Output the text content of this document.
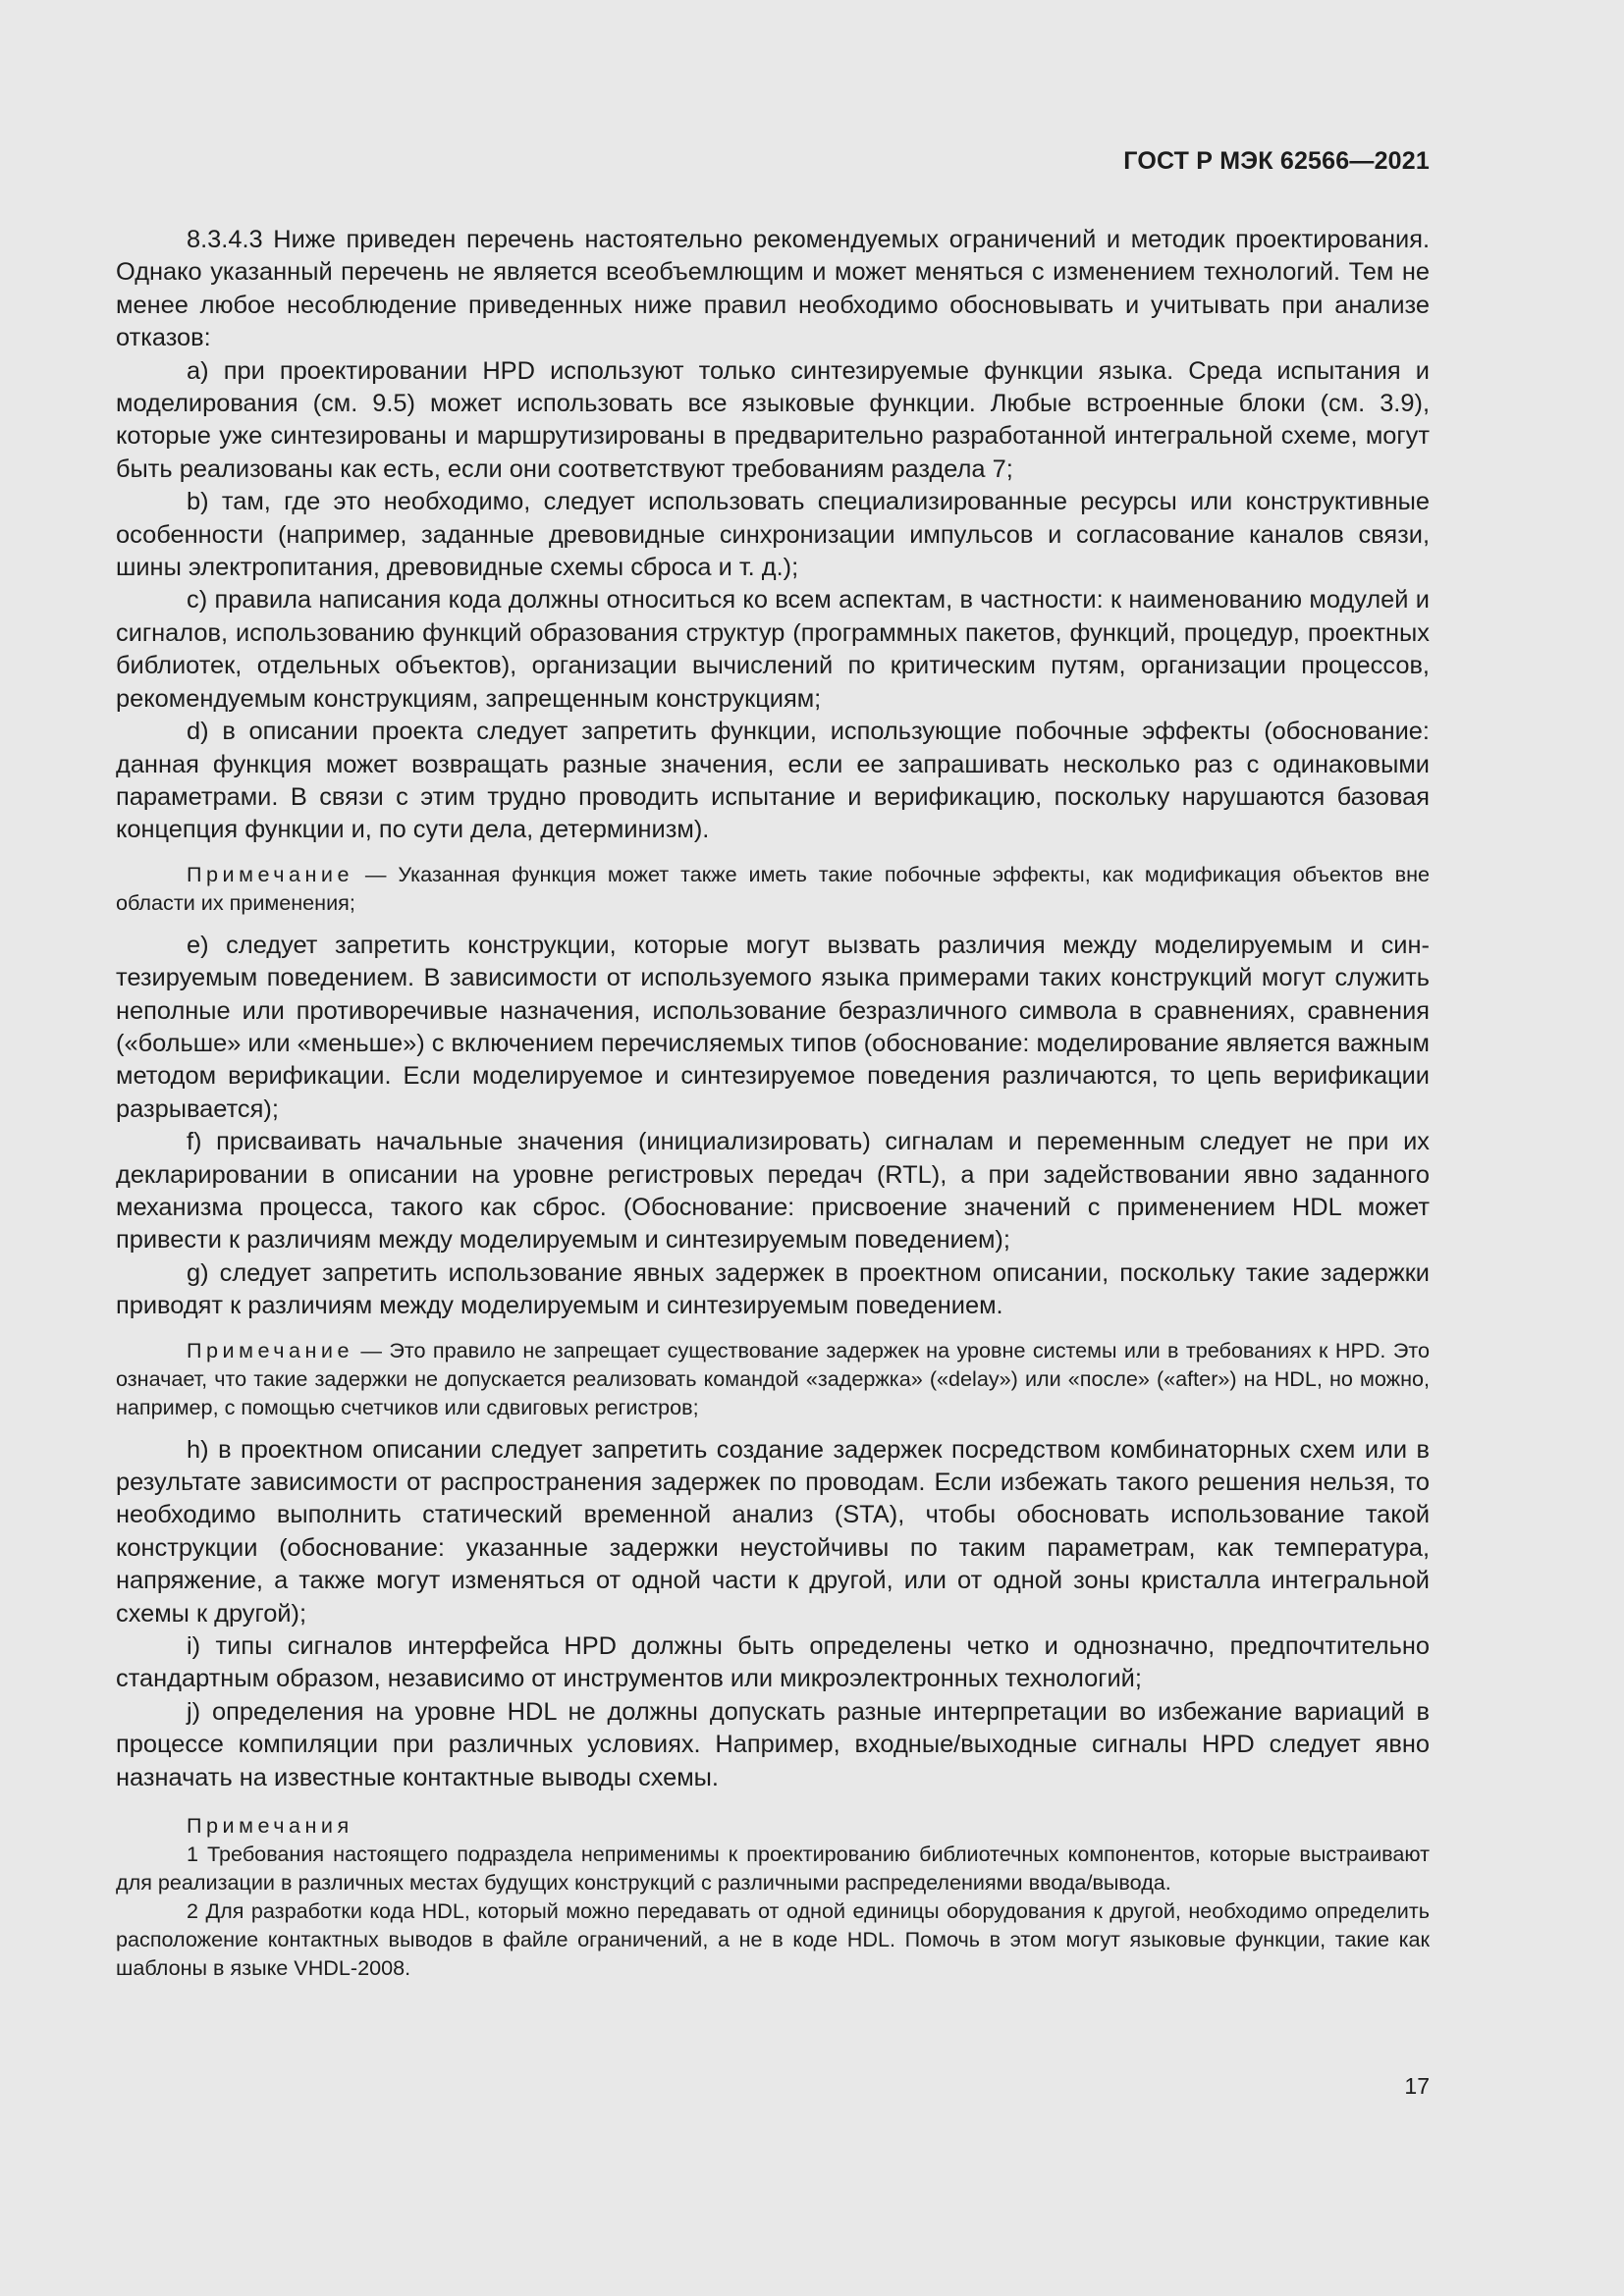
ГОСТ Р МЭК 62566—2021

8.3.4.3 Ниже приведен перечень настоятельно рекомендуемых ограничений и методик проектирования. Однако указанный перечень не является всеобъемлющим и может меняться с изменением технологий. Тем не менее любое несоблюдение приведенных ниже правил необходимо обосновывать и учитывать при анализе отказов:

a) при проектировании HPD используют только синтезируемые функции языка. Среда испытания и моделирования (см. 9.5) может использовать все языковые функции. Любые встроенные блоки (см. 3.9), которые уже синтезированы и маршрутизированы в предварительно разработанной интегральной схеме, могут быть реализованы как есть, если они соответствуют требованиям раздела 7;

b) там, где это необходимо, следует использовать специализированные ресурсы или конструктивные особенности (например, заданные древовидные синхронизации импульсов и согласование каналов связи, шины электропитания, древовидные схемы сброса и т. д.);

c) правила написания кода должны относиться ко всем аспектам, в частности: к наименованию модулей и сигналов, использованию функций образования структур (программных пакетов, функций, процедур, проектных библиотек, отдельных объектов), организации вычислений по критическим путям, организации процессов, рекомендуемым конструкциям, запрещенным конструкциям;

d) в описании проекта следует запретить функции, использующие побочные эффекты (обоснование: данная функция может возвращать разные значения, если ее запрашивать несколько раз с одинаковыми параметрами. В связи с этим трудно проводить испытание и верификацию, поскольку нарушаются базовая концепция функции и, по сути дела, детерминизм).

Примечание — Указанная функция может также иметь такие побочные эффекты, как модификация объектов вне области их применения;

e) следует запретить конструкции, которые могут вызвать различия между моделируемым и синтезируемым поведением. В зависимости от используемого языка примерами таких конструкций могут служить неполные или противоречивые назначения, использование безразличного символа в сравнениях, сравнения («больше» или «меньше») с включением перечисляемых типов (обоснование: моделирование является важным методом верификации. Если моделируемое и синтезируемое поведения различаются, то цепь верификации разрывается);

f) присваивать начальные значения (инициализировать) сигналам и переменным следует не при их декларировании в описании на уровне регистровых передач (RTL), а при задействовании явно заданного механизма процесса, такого как сброс. (Обоснование: присвоение значений с применением HDL может привести к различиям между моделируемым и синтезируемым поведением);

g) следует запретить использование явных задержек в проектном описании, поскольку такие задержки приводят к различиям между моделируемым и синтезируемым поведением.

Примечание — Это правило не запрещает существование задержек на уровне системы или в требованиях к HPD. Это означает, что такие задержки не допускается реализовать командой «задержка» («delay») или «после» («after») на HDL, но можно, например, с помощью счетчиков или сдвиговых регистров;

h) в проектном описании следует запретить создание задержек посредством комбинаторных схем или в результате зависимости от распространения задержек по проводам. Если избежать такого решения нельзя, то необходимо выполнить статический временной анализ (STA), чтобы обосновать использование такой конструкции (обоснование: указанные задержки неустойчивы по таким параметрам, как температура, напряжение, а также могут изменяться от одной части к другой, или от одной зоны кристалла интегральной схемы к другой);

i) типы сигналов интерфейса HPD должны быть определены четко и однозначно, предпочтительно стандартным образом, независимо от инструментов или микроэлектронных технологий;

j) определения на уровне HDL не должны допускать разные интерпретации во избежание вариаций в процессе компиляции при различных условиях. Например, входные/выходные сигналы HPD следует явно назначать на известные контактные выводы схемы.

Примечания

1 Требования настоящего подраздела неприменимы к проектированию библиотечных компонентов, которые выстраивают для реализации в различных местах будущих конструкций с различными распределениями ввода/вывода.

2 Для разработки кода HDL, который можно передавать от одной единицы оборудования к другой, необходимо определить расположение контактных выводов в файле ограничений, а не в коде HDL. Помочь в этом могут языковые функции, такие как шаблоны в языке VHDL-2008.

17
